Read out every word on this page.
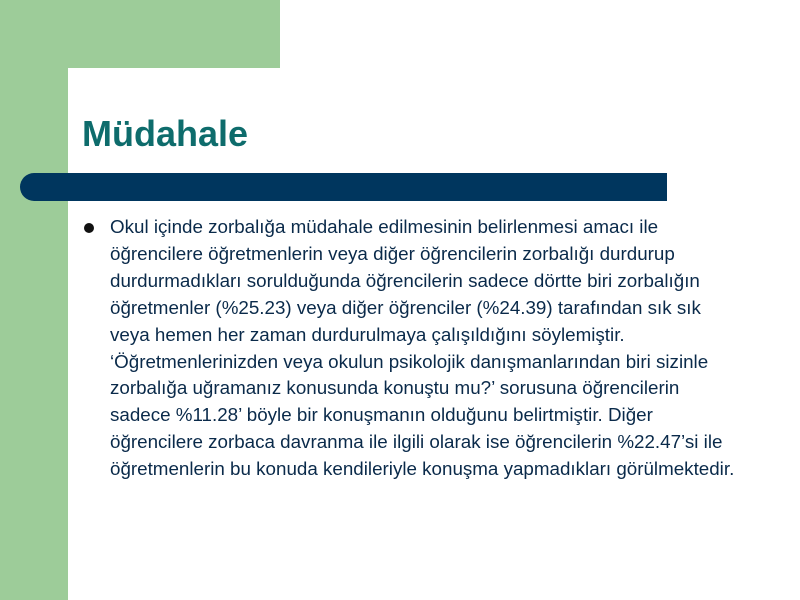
Müdahale

Okul içinde zorbalığa müdahale edilmesinin belirlenmesi amacı ile öğrencilere öğretmenlerin veya diğer öğrencilerin zorbalığı durdurup durdurmadıkları sorulduğunda öğrencilerin sadece dörtte biri zorbalığın öğretmenler (%25.23) veya diğer öğrenciler (%24.39) tarafından sık sık veya hemen her zaman durdurulmaya çalışıldığını söylemiştir. ‘Öğretmenlerinizden veya okulun psikolojik danışmanlarından biri sizinle zorbalığa uğramanız konusunda konuştu mu?’ sorusuna öğrencilerin sadece %11.28’ böyle bir konuşmanın olduğunu belirtmiştir. Diğer öğrencilere zorbaca davranma ile ilgili olarak ise öğrencilerin %22.47’si ile öğretmenlerin bu konuda kendileriyle konuşma yapmadıkları görülmektedir.
